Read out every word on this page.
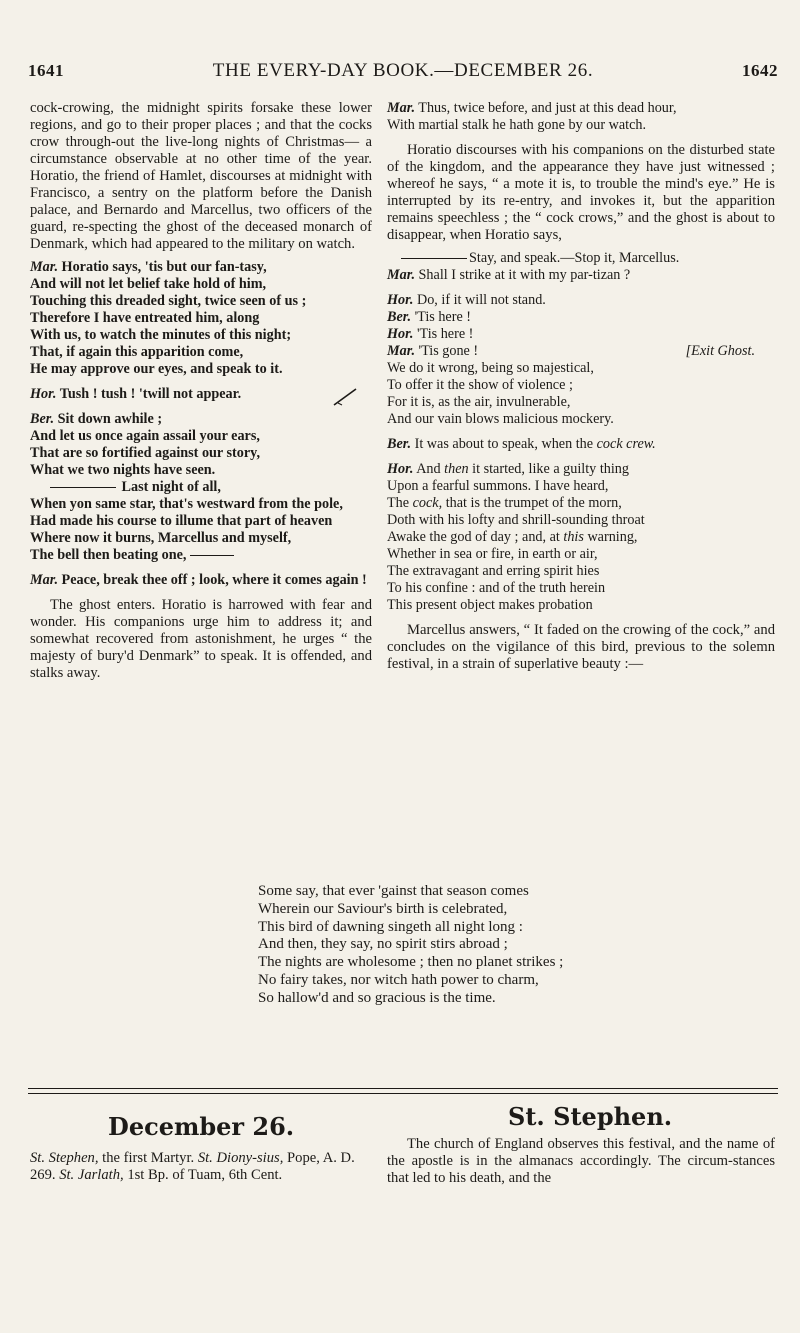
1641	THE EVERY-DAY BOOK.—DECEMBER 26.	1642

cock-crowing, the midnight spirits forsake these lower regions, and go to their proper places ; and that the cocks crow through-out the live-long nights of Christmas— a circumstance observable at no other time of the year. Horatio, the friend of Hamlet, discourses at midnight with Francisco, a sentry on the platform before the Danish palace, and Bernardo and Marcellus, two officers of the guard, re-specting the ghost of the deceased monarch of Denmark, which had appeared to the military on watch.

Mar. Horatio says, 'tis but our fan-tasy,
And will not let belief take hold of him,
Touching this dreaded sight, twice seen of us ;
Therefore I have entreated him, along
With us, to watch the minutes of this night;
That, if again this apparition come,
He may approve our eyes, and speak to it.
Hor. Tush ! tush ! 'twill not appear.
Ber. Sit down awhile ;
And let us once again assail your ears,
That are so fortified against our story,
What we two nights have seen.
Last night of all,
When yon same star, that's westward from the pole,
Had made his course to illume that part of heaven
Where now it burns, Marcellus and myself,
The bell then beating one,
Mar. Peace, break thee off ; look, where it comes again !

The ghost enters. Horatio is harrowed with fear and wonder. His companions urge him to address it; and somewhat recovered from astonishment, he urges “ the majesty of bury'd Denmark” to speak. It is offended, and stalks away.

Mar. Thus, twice before, and just at this dead hour,
With martial stalk he hath gone by our watch.

Horatio discourses with his companions on the disturbed state of the kingdom, and the appearance they have just witnessed ; whereof he says, “ a mote it is, to trouble the mind's eye.” He is interrupted by its re-entry, and invokes it, but the apparition remains speechless ; the “ cock crows,” and the ghost is about to disappear, when Horatio says,

Stay, and speak.—Stop it, Marcellus.
Mar. Shall I strike at it with my par-tizan ?
Hor. Do, if it will not stand.
Ber. 'Tis here !
Hor. 'Tis here !
Mar. 'Tis gone !	[Exit Ghost.
We do it wrong, being so majestical,
To offer it the show of violence ;
For it is, as the air, invulnerable,
And our vain blows malicious mockery.
Ber. It was about to speak, when the cock crew.
Hor. And then it started, like a guilty thing
Upon a fearful summons. I have heard,
The cock, that is the trumpet of the morn,
Doth with his lofty and shrill-sounding throat
Awake the god of day ; and, at this warning,
Whether in sea or fire, in earth or air,
The extravagant and erring spirit hies
To his confine : and of the truth herein
This present object makes probation

Marcellus answers, “ It faded on the crowing of the cock,” and concludes on the vigilance of this bird, previous to the solemn festival, in a strain of superlative beauty :—

Some say, that ever 'gainst that season comes
Wherein our Saviour's birth is celebrated,
This bird of dawning singeth all night long :
And then, they say, no spirit stirs abroad ;
The nights are wholesome ; then no planet strikes ;
No fairy takes, nor witch hath power to charm,
So hallow'd and so gracious is the time.
December 26.	St. Stephen.

St. Stephen, the first Martyr. St. Diony-sius, Pope, A. D. 269. St. Jarlath, 1st Bp. of Tuam, 6th Cent.

The church of England observes this festival, and the name of the apostle is in the almanacs accordingly. The circum-stances that led to his death, and the
